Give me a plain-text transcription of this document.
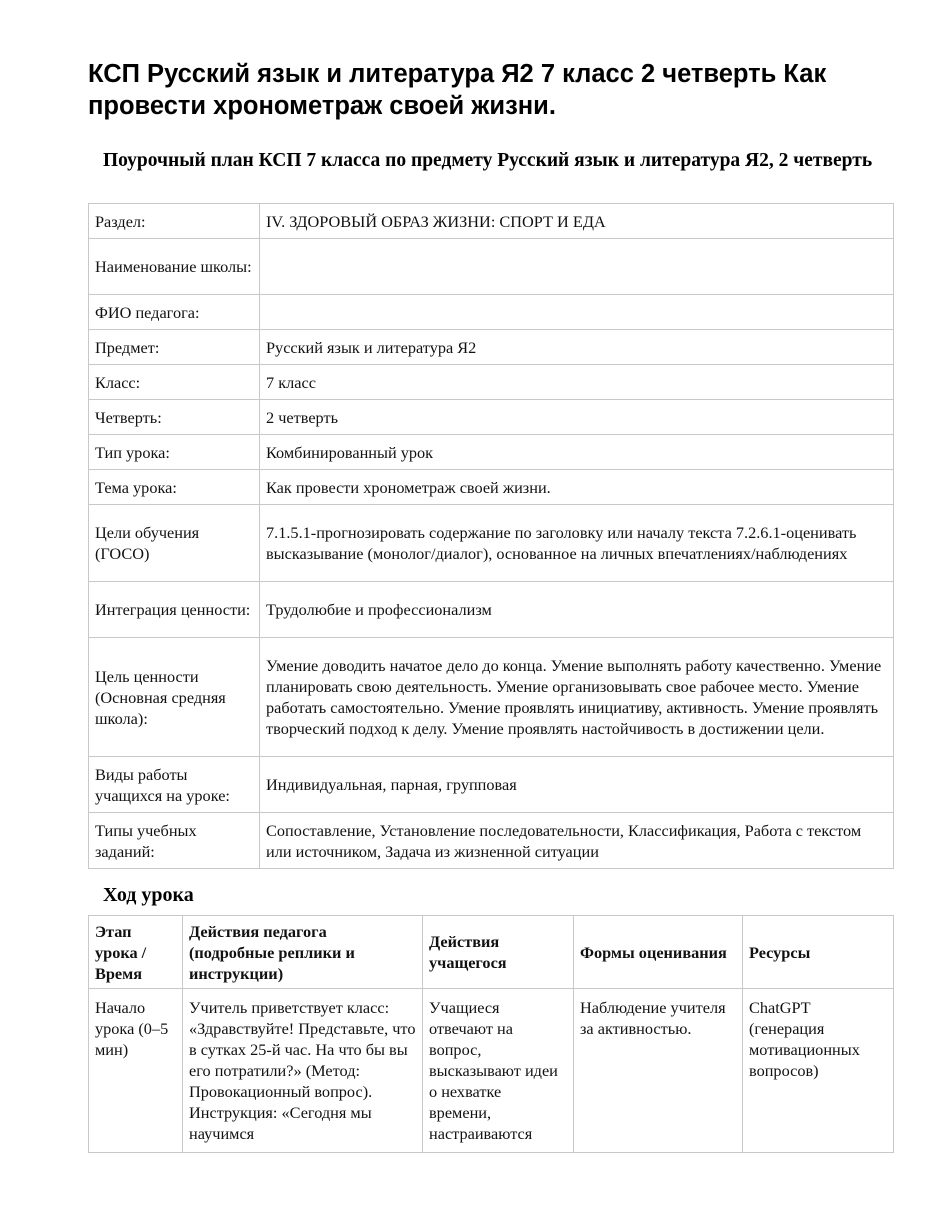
КСП Русский язык и литература Я2 7 класс 2 четверть Как провести хронометраж своей жизни.

Поурочный план КСП 7 класса по предмету Русский язык и литература Я2, 2 четверть

Раздел:	IV. ЗДОРОВЫЙ ОБРАЗ ЖИЗНИ: СПОРТ И ЕДА
Наименование школы:	
ФИО педагога:	
Предмет:	Русский язык и литература Я2
Класс:	7 класс
Четверть:	2 четверть
Тип урока:	Комбинированный урок
Тема урока:	Как провести хронометраж своей жизни.
Цели обучения (ГОСО)	7.1.5.1-прогнозировать содержание по заголовку или началу текста 7.2.6.1-оценивать высказывание (монолог/диалог), основанное на личных впечатлениях/наблюдениях
Интеграция ценности:	Трудолюбие и профессионализм
Цель ценности (Основная средняя школа):	Умение доводить начатое дело до конца. Умение выполнять работу качественно. Умение планировать свою деятельность. Умение организовывать свое рабочее место. Умение работать самостоятельно. Умение проявлять инициативу, активность. Умение проявлять творческий подход к делу. Умение проявлять настойчивость в достижении цели.
Виды работы учащихся на уроке:	Индивидуальная, парная, групповая
Типы учебных заданий:	Сопоставление, Установление последовательности, Классификация, Работа с текстом или источником, Задача из жизненной ситуации
Ход урока
Этап урока / Время	Действия педагога (подробные реплики и инструкции)	Действия учащегося	Формы оценивания	Ресурсы

Начало урока (0–5 мин)	Учитель приветствует класс: «Здравствуйте! Представьте, что в сутках 25-й час. На что бы вы его потратили?» (Метод: Провокационный вопрос). Инструкция: «Сегодня мы научимся	Учащиеся отвечают на вопрос, высказывают идеи о нехватке времени, настраиваются	Наблюдение учителя за активностью.	ChatGPT (генерация мотивационных вопросов)
